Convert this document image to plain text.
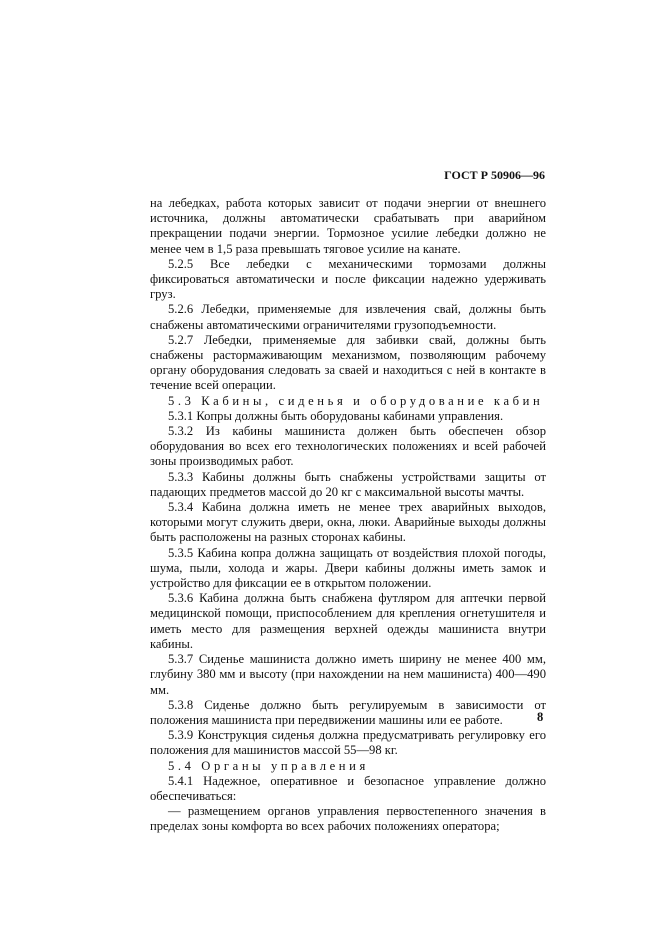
ГОСТ Р 50906—96

на лебедках, работа которых зависит от подачи энергии от внешнего источника, должны автоматически срабатывать при аварийном прекращении подачи энергии. Тормозное усилие лебедки должно не менее чем в 1,5 раза превышать тяговое усилие на канате.

5.2.5 Все лебедки с механическими тормозами должны фиксироваться автоматически и после фиксации надежно удерживать груз.

5.2.6 Лебедки, применяемые для извлечения свай, должны быть снабжены автоматическими ограничителями грузоподъемности.

5.2.7 Лебедки, применяемые для забивки свай, должны быть снабжены растормаживающим механизмом, позволяющим рабочему органу оборудования следовать за сваей и находиться с ней в контакте в течение всей операции.

5.3 Кабины, сиденья и оборудование кабин

5.3.1 Копры должны быть оборудованы кабинами управления.

5.3.2 Из кабины машиниста должен быть обеспечен обзор оборудования во всех его технологических положениях и всей рабочей зоны производимых работ.

5.3.3 Кабины должны быть снабжены устройствами защиты от падающих предметов массой до 20 кг с максимальной высоты мачты.

5.3.4 Кабина должна иметь не менее трех аварийных выходов, которыми могут служить двери, окна, люки. Аварийные выходы должны быть расположены на разных сторонах кабины.

5.3.5 Кабина копра должна защищать от воздействия плохой погоды, шума, пыли, холода и жары. Двери кабины должны иметь замок и устройство для фиксации ее в открытом положении.

5.3.6 Кабина должна быть снабжена футляром для аптечки первой медицинской помощи, приспособлением для крепления огнетушителя и иметь место для размещения верхней одежды машиниста внутри кабины.

5.3.7 Сиденье машиниста должно иметь ширину не менее 400 мм, глубину 380 мм и высоту (при нахождении на нем машиниста) 400—490 мм.

5.3.8 Сиденье должно быть регулируемым в зависимости от положения машиниста при передвижении машины или ее работе.

5.3.9 Конструкция сиденья должна предусматривать регулировку его положения для машинистов массой 55—98 кг.

5.4 Органы управления

5.4.1 Надежное, оперативное и безопасное управление должно обеспечиваться:

— размещением органов управления первостепенного значения в пределах зоны комфорта во всех рабочих положениях оператора;

8
